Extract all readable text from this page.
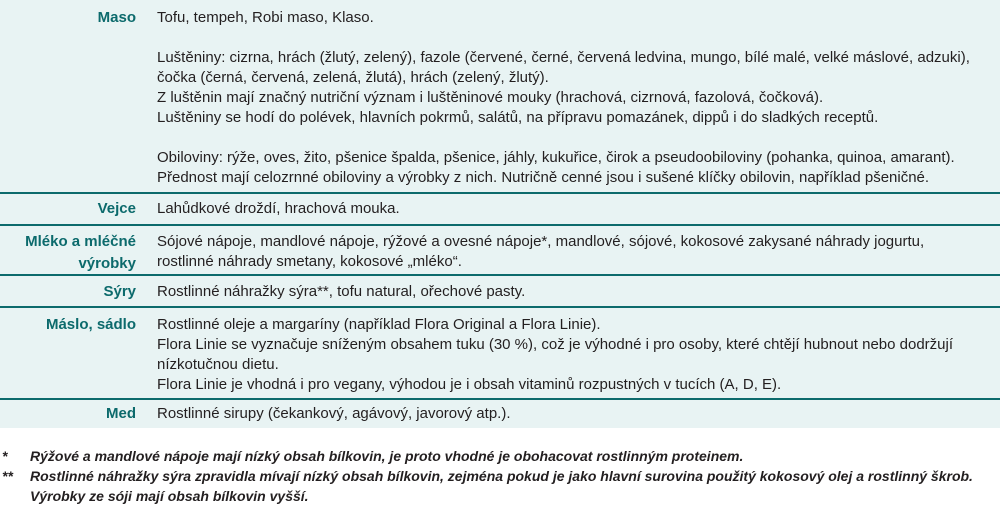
Maso Tofu, tempeh, Robi maso, Klaso.

Luštěniny: cizrna, hrách (žlutý, zelený), fazole (červené, černé, červená ledvina, mungo, bílé malé, velké máslové, adzuki),

čočka (černá, červená, zelená, žlutá), hrách (zelený, žlutý).

Z luštěnin mají značný nutriční význam i luštěninové mouky (hrachová, cizrnová, fazolová, čočková).

Luštěniny se hodí do polévek, hlavních pokrmů, salátů, na přípravu pomazánek, dippů i do sladkých receptů.

Obiloviny: rýže, oves, žito, pšenice špalda, pšenice, jáhly, kukuřice, čirok a pseudoobiloviny (pohanka, quinoa, amarant).

Přednost mají celozrnné obiloviny a výrobky z nich. Nutričně cenné jsou i sušené klíčky obilovin, například pšeničné.

Vejce Lahůdkové droždí, hrachová mouka.

Mléko a mléčné
výrobky

Sójové nápoje, mandlové nápoje, rýžové a ovesné nápoje*, mandlové, sójové, kokosové zakysané náhrady jogurtu,

rostlinné náhrady smetany, kokosové „mléko“.

Sýry Rostlinné náhražky sýra**, tofu natural, ořechové pasty.

Máslo, sádlo Rostlinné oleje a margaríny (například Flora Original a Flora Linie).

Flora Linie se vyznačuje sníženým obsahem tuku (30 %), což je výhodné i pro osoby, které chtějí hubnout nebo dodržují

nízkotučnou dietu.

Flora Linie je vhodná i pro vegany, výhodou je i obsah vitaminů rozpustných v tucích (A, D, E).

Med Rostlinné sirupy (čekankový, agávový, javorový atp.).

* Rýžové a mandlové nápoje mají nízký obsah bílkovin, je proto vhodné je obohacovat rostlinným proteinem.
** Rostlinné náhražky sýra zpravidla mívají nízký obsah bílkovin, zejména pokud je jako hlavní surovina použitý kokosový olej a rostlinný škrob.
Výrobky ze sóji mají obsah bílkovin vyšší.
